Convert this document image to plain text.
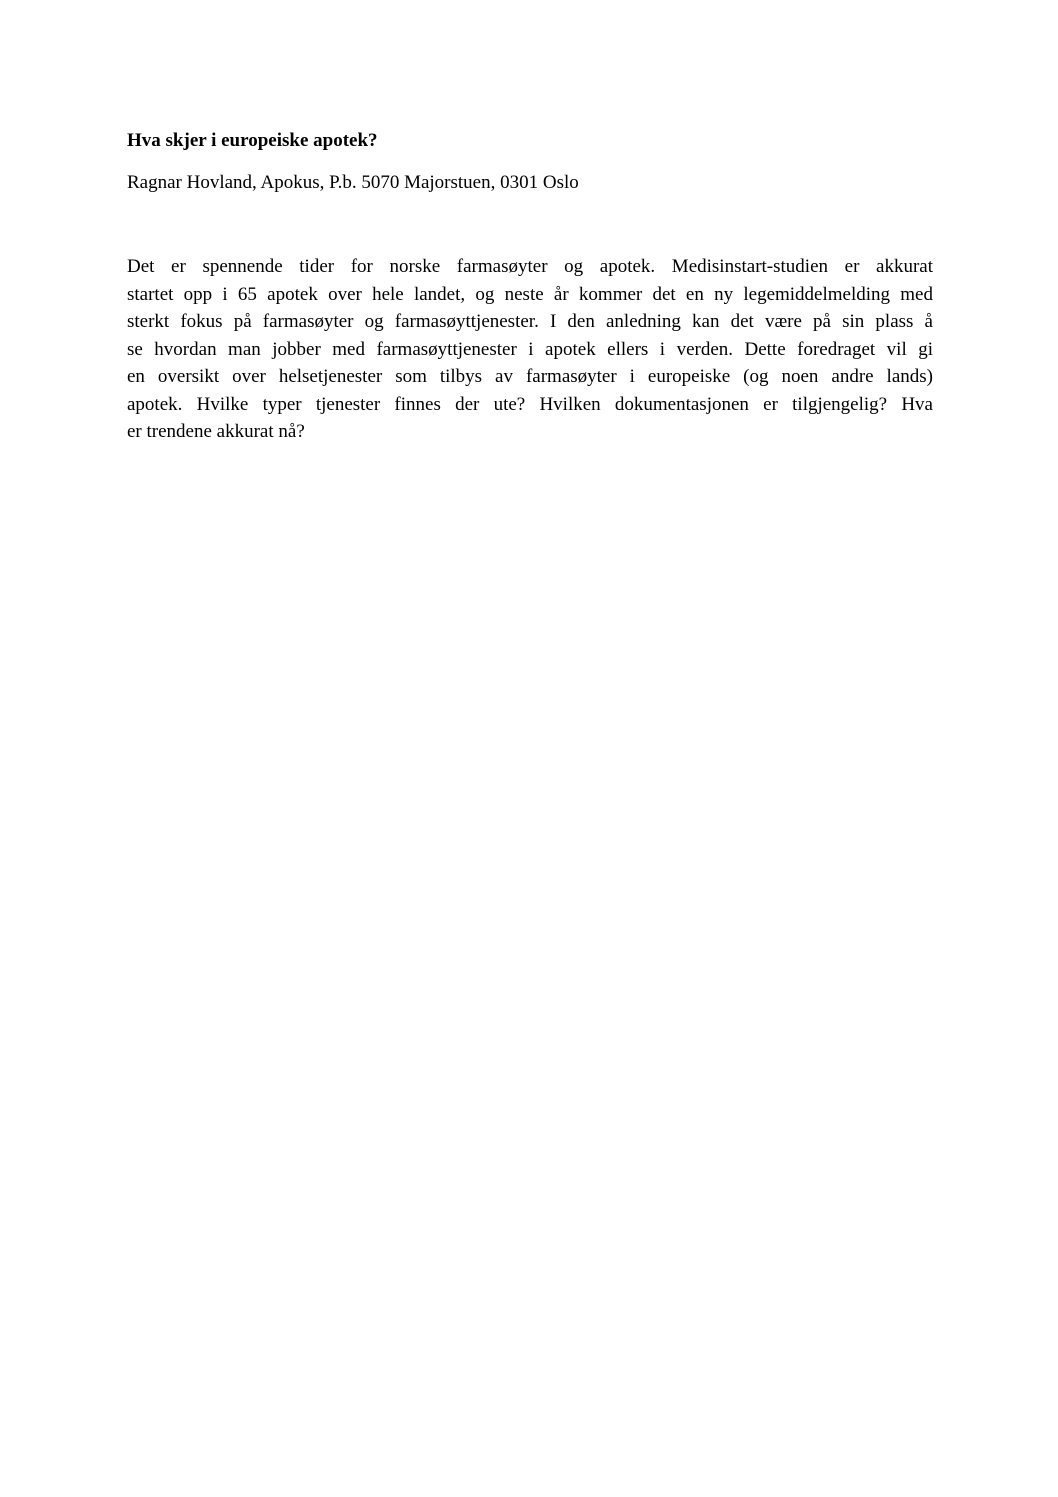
Hva skjer i europeiske apotek?

Ragnar Hovland, Apokus, P.b. 5070 Majorstuen, 0301 Oslo

Det er spennende tider for norske farmasøyter og apotek. Medisinstart-studien er akkurat
startet opp i 65 apotek over hele landet, og neste år kommer det en ny legemiddelmelding med
sterkt fokus på farmasøyter og farmasøyttjenester. I den anledning kan det være på sin plass å
se hvordan man jobber med farmasøyttjenester i apotek ellers i verden. Dette foredraget vil gi
en oversikt over helsetjenester som tilbys av farmasøyter i europeiske (og noen andre lands)
apotek. Hvilke typer tjenester finnes der ute? Hvilken dokumentasjonen er tilgjengelig? Hva
er trendene akkurat nå?
